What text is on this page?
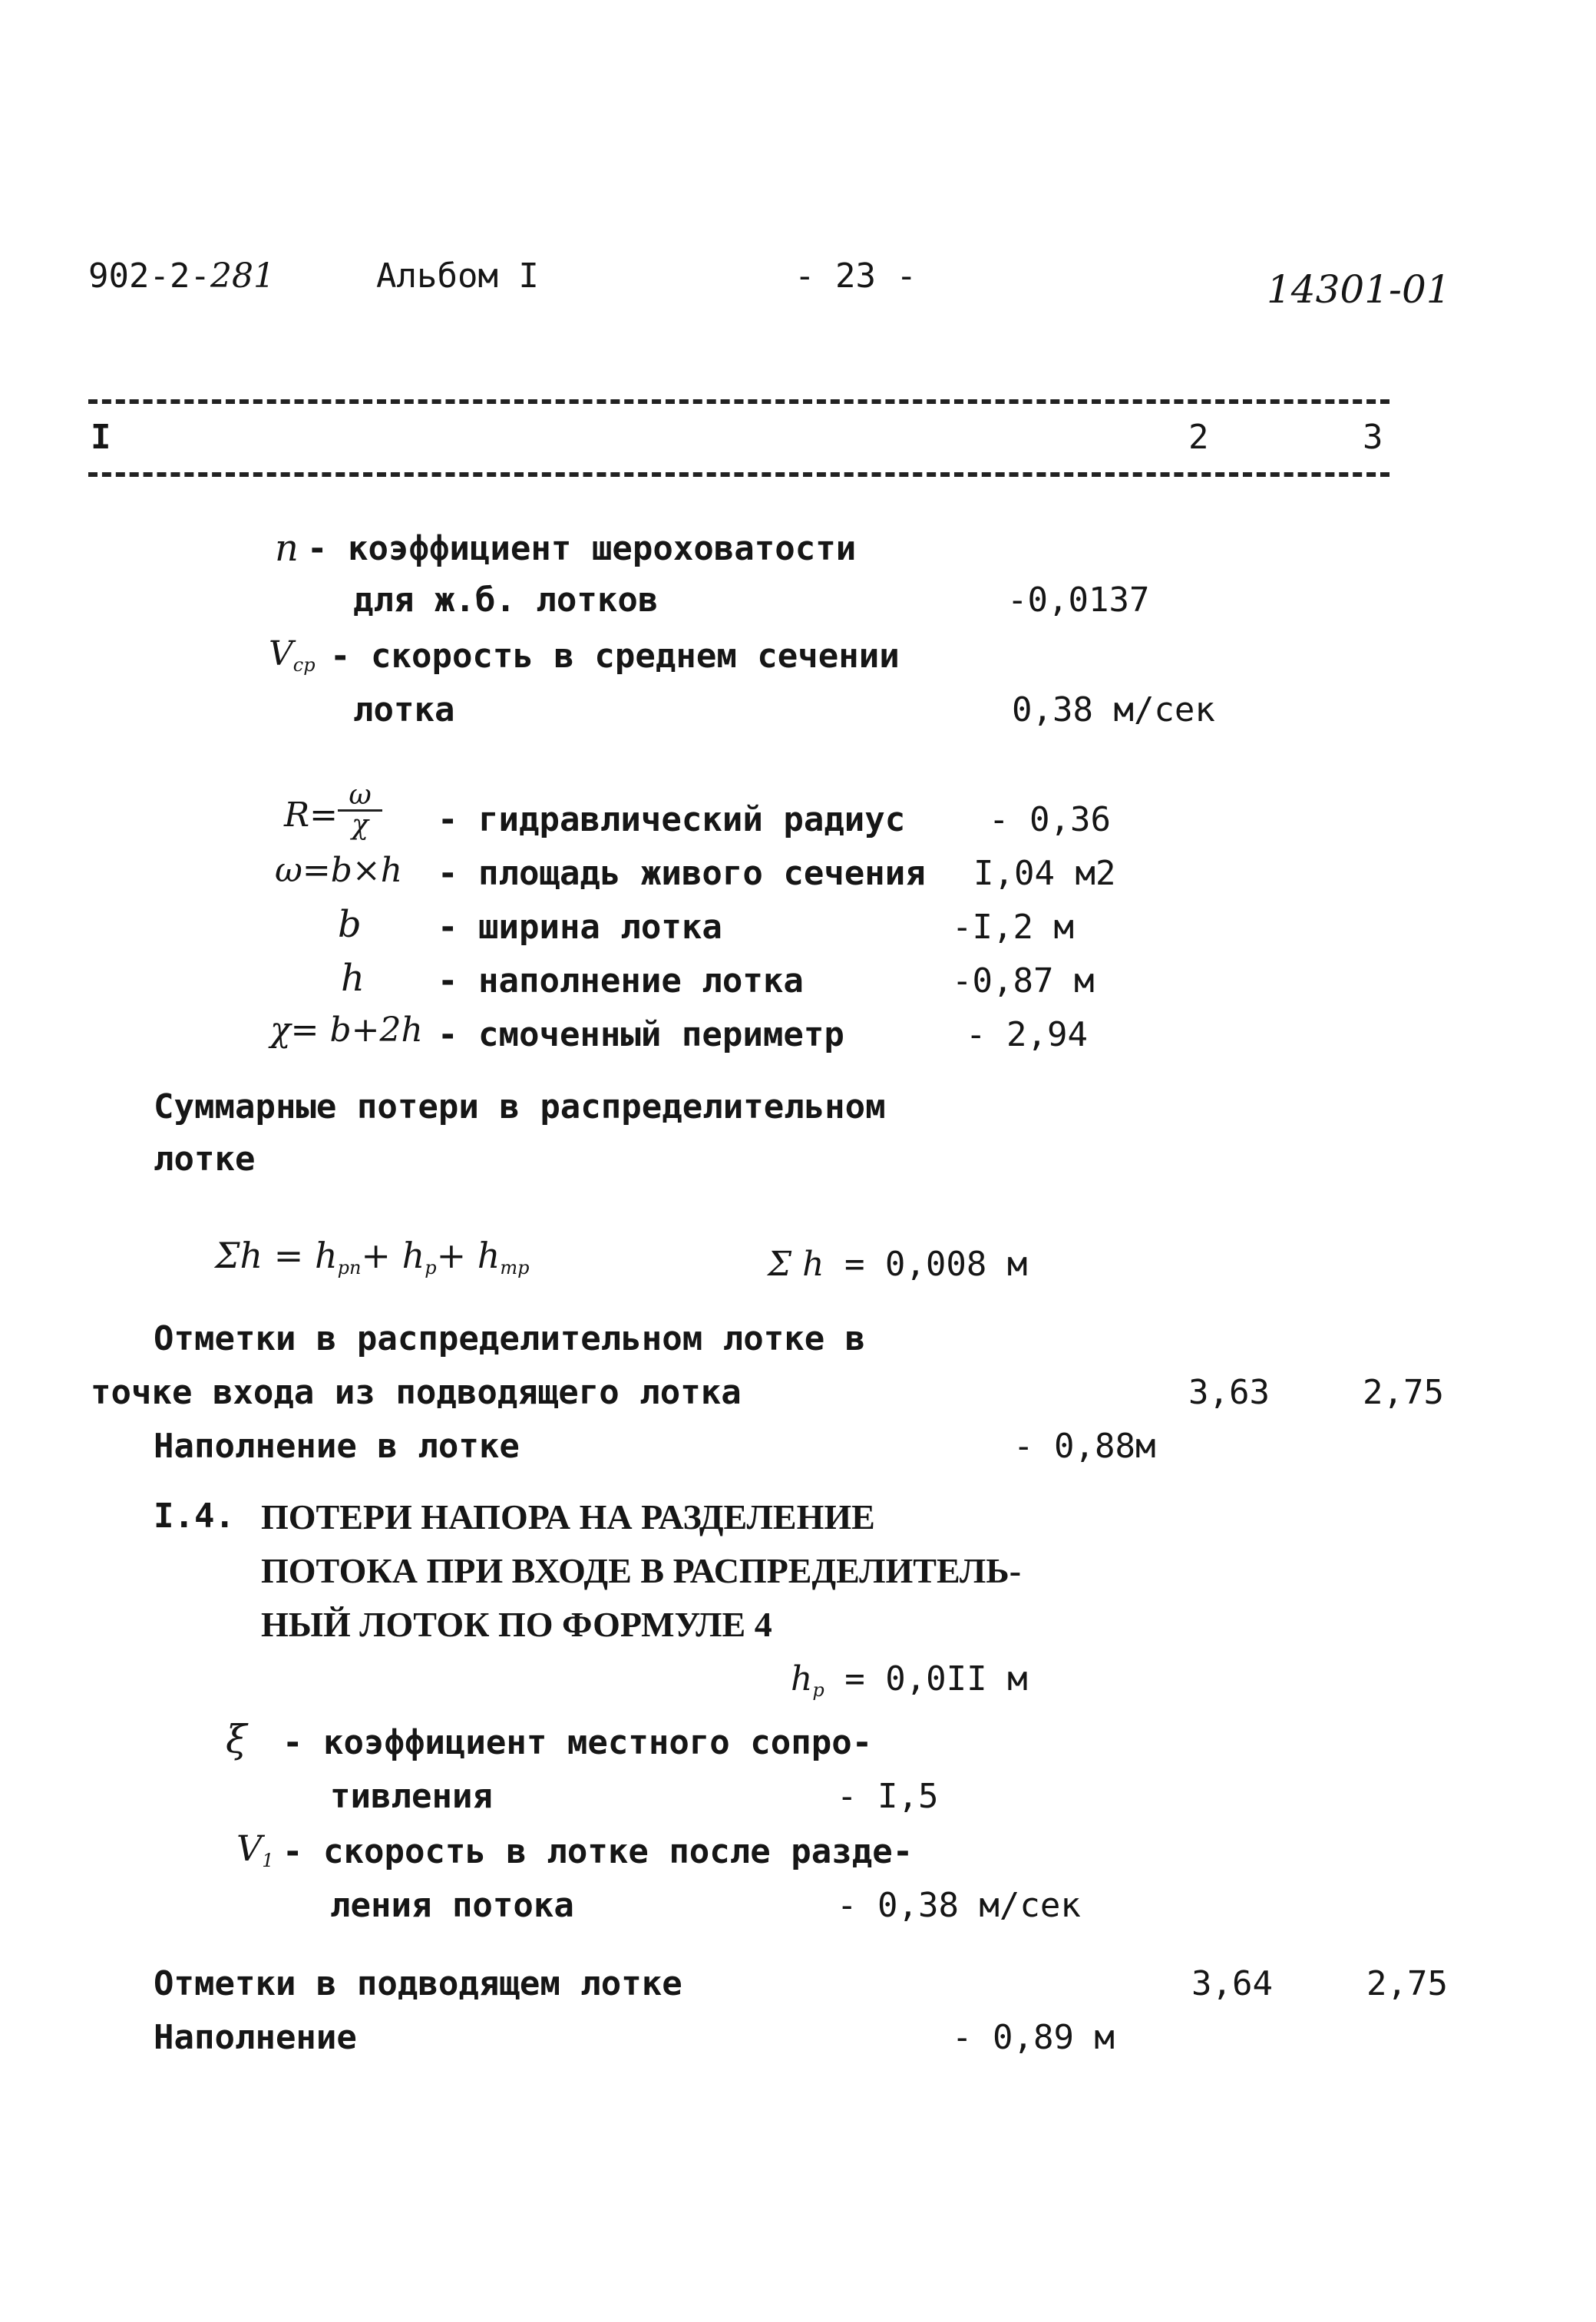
902-2-281	Альбом I	- 23 -	14301-01
I	2	3
n - коэффициент шероховатости
для ж.б. лотков	-0,0137
$V_{ср}$ - скорость в среднем сечении
лотка	0,38 м/сек
R=
ω
χ	- гидравлический радиус - 0,36
ω=b×h - площадь живого сечения I,04 м2
b - ширина лотка	-I,2 м
h - наполнение лотка	-0,87 м
χ= b+2h - смоченный периметр	- 2,94
Суммарные потери в распределительном
лотке
$\Sigma h = h_{рп}+ h_р+ h_{тр}$	Σ h = 0,008 м
Отметки в распределительном лотке в
точке входа из подводящего лотка	3,63	2,75
Наполнение в лотке	- 0,88м
I.4. ПОТЕРИ НАПОРА НА РАЗДЕЛЕНИЕ
ПОТОКА ПРИ ВХОДЕ В РАСПРЕДЕЛИТЕЛЬ-
НЫЙ ЛОТОК ПО ФОРМУЛЕ 4
$h_р = 0,0II$ м
ξ - коэффициент местного сопро-
тивления	- I,5
$V_1$ - скорость в лотке после разде-
ления потока	- 0,38 м/сек
Отметки в подводящем лотке	3,64	2,75
Наполнение	- 0,89 м
